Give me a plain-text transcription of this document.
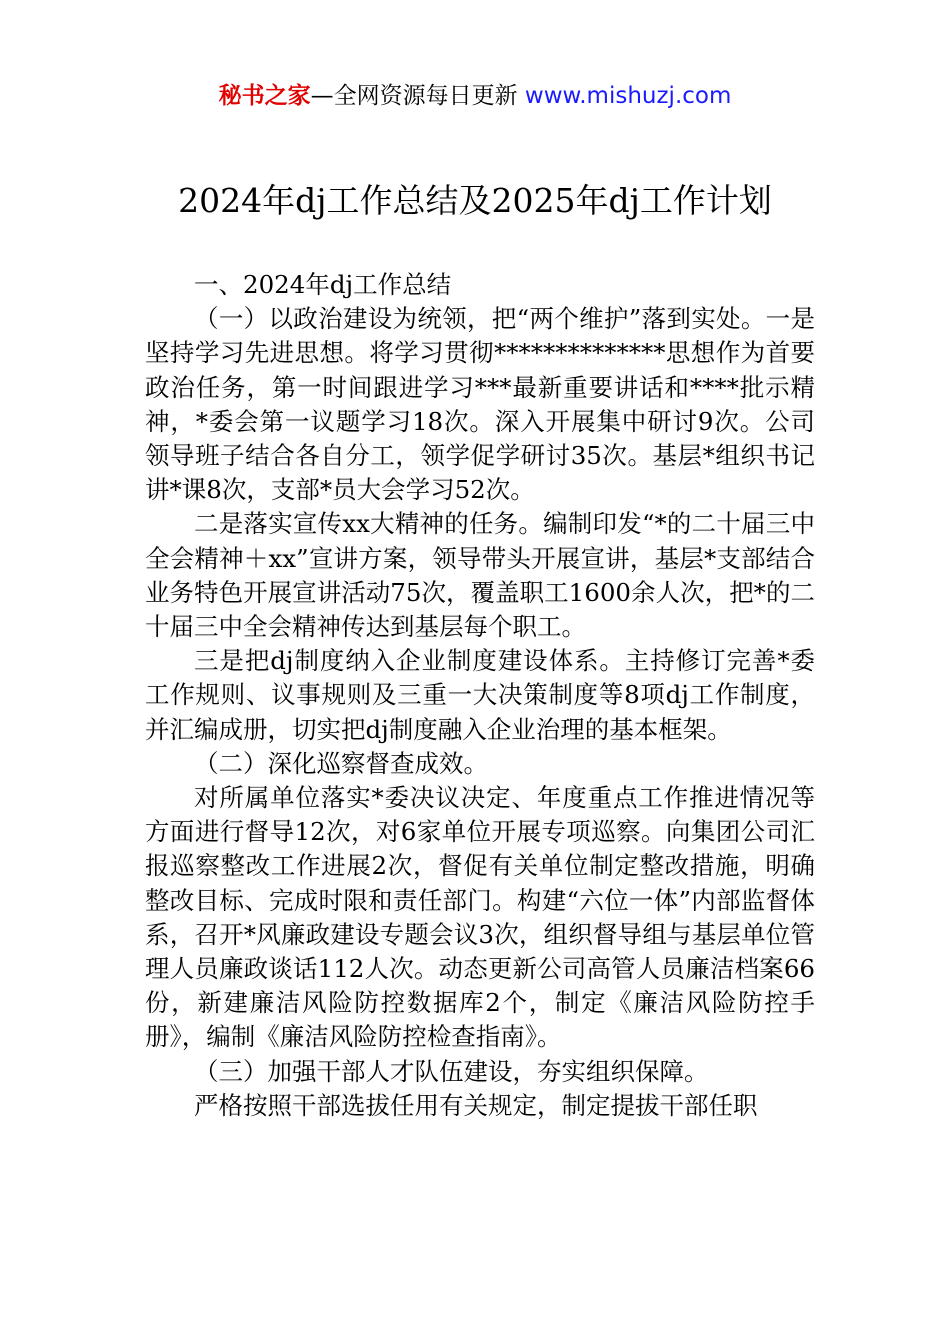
秘书之家—全网资源每日更新 www.mishuzj.com
2024年dj工作总结及2025年dj工作计划

一、2024年dj工作总结

（一）以政治建设为统领，把“两个维护”落到实处。一是坚持学习先进思想。将学习贯彻**************思想作为首要政治任务，第一时间跟进学习***最新重要讲话和****批示精神，*委会第一议题学习18次。深入开展集中研讨9次。公司领导班子结合各自分工，领学促学研讨35次。基层*组织书记讲*课8次，支部*员大会学习52次。

二是落实宣传xx大精神的任务。编制印发“*的二十届三中全会精神＋xx”宣讲方案，领导带头开展宣讲，基层*支部结合业务特色开展宣讲活动75次，覆盖职工1600余人次，把*的二十届三中全会精神传达到基层每个职工。

三是把dj制度纳入企业制度建设体系。主持修订完善*委工作规则、议事规则及三重一大决策制度等8项dj工作制度，并汇编成册，切实把dj制度融入企业治理的基本框架。

（二）深化巡察督查成效。

对所属单位落实*委决议决定、年度重点工作推进情况等方面进行督导12次，对6家单位开展专项巡察。向集团公司汇报巡察整改工作进展2次，督促有关单位制定整改措施，明确整改目标、完成时限和责任部门。构建“六位一体”内部监督体系，召开*风廉政建设专题会议3次，组织督导组与基层单位管理人员廉政谈话112人次。动态更新公司高管人员廉洁档案66份，新建廉洁风险防控数据库2个，制定《廉洁风险防控手册》，编制《廉洁风险防控检查指南》。

（三）加强干部人才队伍建设，夯实组织保障。

严格按照干部选拔任用有关规定，制定提拔干部任职
